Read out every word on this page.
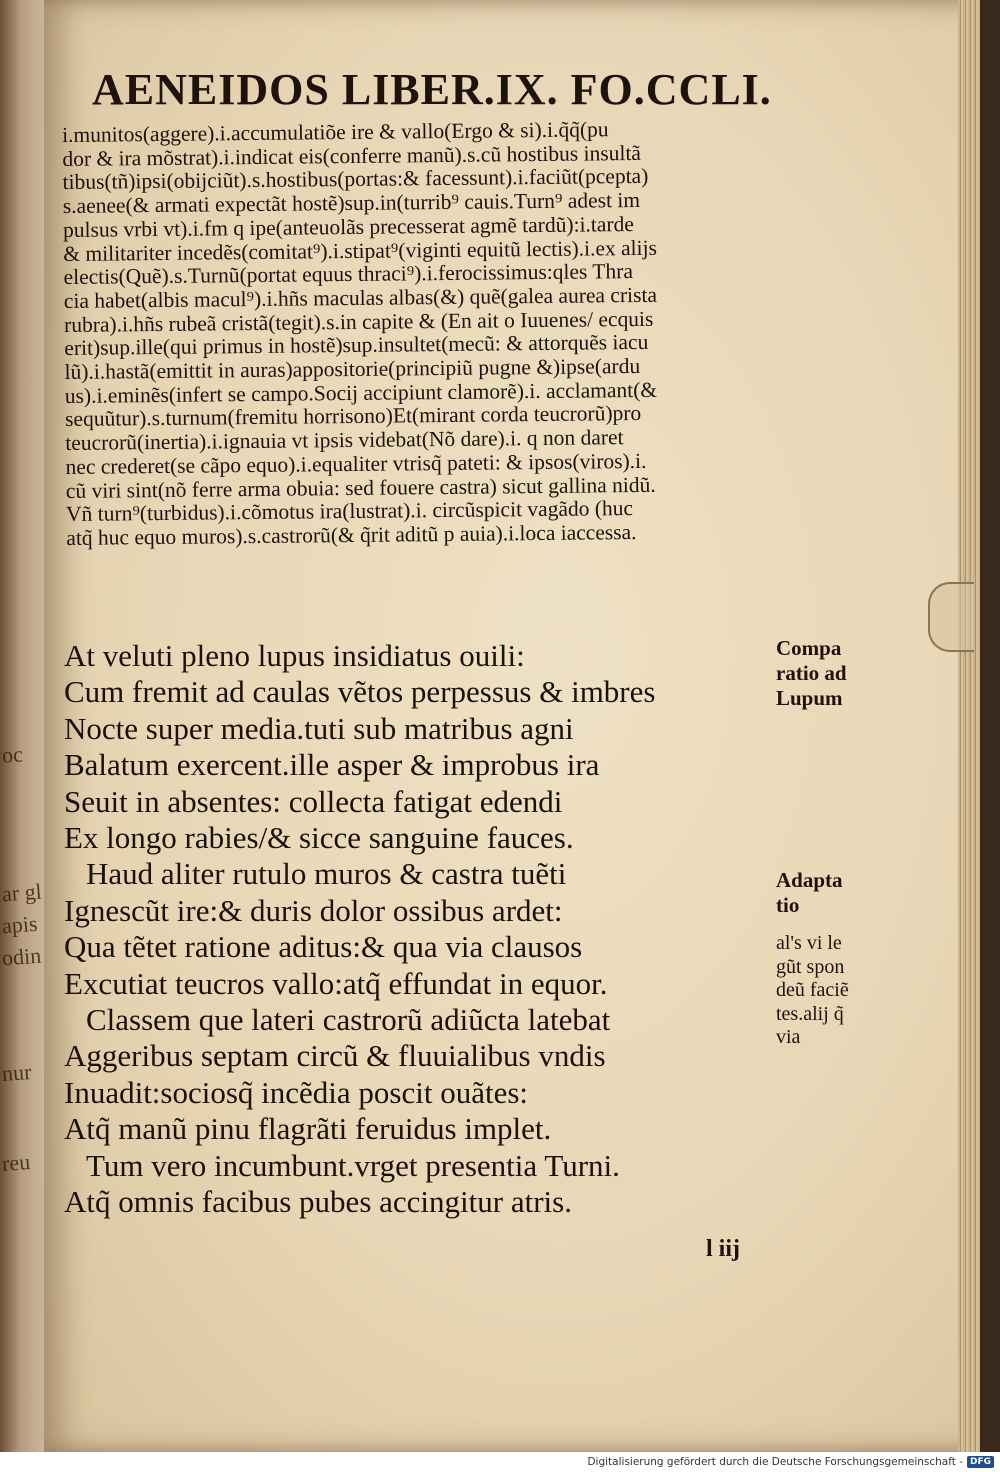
oc
ar gl
apis
odin
nur
reu
AENEIDOS LIBER.IX. FO.CCLI.
i.munitos(aggere).i.accumulatiõe ire & vallo(Ergo & si).i.q̃q̃(pu
dor & ira mõstrat).i.indicat eis(conferre manũ).s.cũ hostibus insultã
tibus(tñ)ipsi(obijciũt).s.hostibus(portas:& facessunt).i.faciũt(pcepta)
s.aenee(& armati expectãt hostẽ)sup.in(turrib⁹ cauis.Turn⁹ adest im
pulsus vrbi vt).i.fm q ipe(anteuolãs precesserat agmẽ tardũ):i.tarde
& militariter incedẽs(comitat⁹).i.stipat⁹(viginti equitũ lectis).i.ex alijs
electis(Quẽ).s.Turnũ(portat equus thraci⁹).i.ferocissimus:qles Thra
cia habet(albis macul⁹).i.hñs maculas albas(&) quẽ(galea aurea crista
rubra).i.hñs rubeã cristã(tegit).s.in capite & (En ait o Iuuenes/ ecquis
erit)sup.ille(qui primus in hostẽ)sup.insultet(mecũ: & attorquẽs iacu
lũ).i.hastã(emittit in auras)appositorie(principiũ pugne &)ipse(ardu
us).i.eminẽs(infert se campo.Socij accipiunt clamorẽ).i. acclamant(&
sequũtur).s.turnum(fremitu horrisono)Et(mirant corda teucrorũ)pro
teucrorũ(inertia).i.ignauia vt ipsis videbat(Nõ dare).i. q non daret
nec crederet(se cãpo equo).i.equaliter vtrisq̃ pateti: & ipsos(viros).i.
cũ viri sint(nõ ferre arma obuia: sed fouere castra) sicut gallina nidũ.
Vñ turn⁹(turbidus).i.cõmotus ira(lustrat).i. circũspicit vagãdo (huc
atq̃ huc equo muros).s.castrorũ(& q̃rit aditũ p auia).i.loca iaccessa.
At veluti pleno lupus insidiatus ouili:
Cum fremit ad caulas vẽtos perpessus & imbres
Nocte super media.tuti sub matribus agni
Balatum exercent.ille asper & improbus ira
Seuit in absentes: collecta fatigat edendi
Ex longo rabies/& sicce sanguine fauces.
Haud aliter rutulo muros & castra tuẽti
Ignescũt ire:& duris dolor ossibus ardet:
Qua tẽtet ratione aditus:& qua via clausos
Excutiat teucros vallo:atq̃ effundat in equor.
Classem que lateri castrorũ adiũcta latebat
Aggeribus septam circũ & fluuialibus vndis
Inuadit:sociosq̃ incẽdia poscit ouãtes:
Atq̃ manũ pinu flagrãti feruidus implet.
Tum vero incumbunt.vrget presentia Turni.
Atq̃ omnis facibus pubes accingitur atris.
Compa
ratio ad
Lupum
Adapta
tio
al's vi le
gũt spon
deũ faciẽ
tes.alij q̃
via

l iij

Digitalisierung gefördert durch die Deutsche Forschungsgemeinschaft - DFG
